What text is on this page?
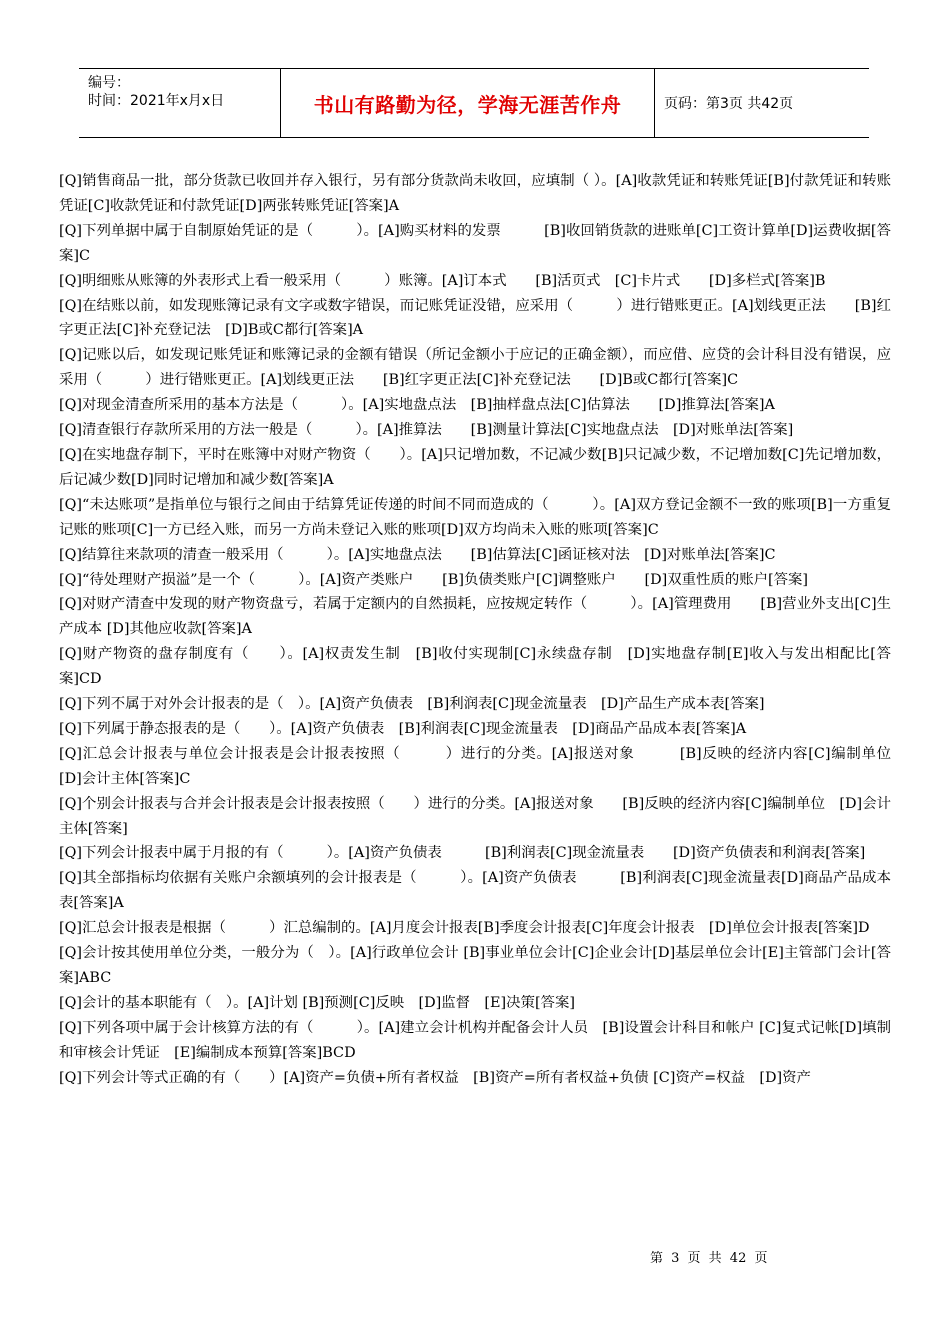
编号：
时间：2021年x月x日	书山有路勤为径，学海无涯苦作舟	页码：第3页 共42页

[Q]销售商品一批，部分货款已收回并存入银行，另有部分货款尚未收回，应填制（ ）。[A]收款凭证和转账凭证[B]付款凭证和转账凭证[C]收款凭证和付款凭证[D]两张转账凭证[答案]A

[Q]下列单据中属于自制原始凭证的是（　　　）。[A]购买材料的发票　　　[B]收回销货款的进账单[C]工资计算单[D]运费收据[答案]C

[Q]明细账从账簿的外表形式上看一般采用（　　　）账簿。[A]订本式　　[B]活页式　[C]卡片式　　[D]多栏式[答案]B

[Q]在结账以前，如发现账簿记录有文字或数字错误，而记账凭证没错，应采用（　　　）进行错账更正。[A]划线更正法　　[B]红字更正法[C]补充登记法　[D]B或C都行[答案]A

[Q]记账以后，如发现记账凭证和账簿记录的金额有错误（所记金额小于应记的正确金额），而应借、应贷的会计科目没有错误，应采用（　　　）进行错账更正。[A]划线更正法　　[B]红字更正法[C]补充登记法　　[D]B或C都行[答案]C

[Q]对现金清查所采用的基本方法是（　　　）。[A]实地盘点法　[B]抽样盘点法[C]估算法　　[D]推算法[答案]A

[Q]清查银行存款所采用的方法一般是（　　　）。[A]推算法　　[B]测量计算法[C]实地盘点法　[D]对账单法[答案]

[Q]在实地盘存制下，平时在账簿中对财产物资（　　）。[A]只记增加数，不记减少数[B]只记减少数，不记增加数[C]先记增加数，后记减少数[D]同时记增加和减少数[答案]A

[Q]“未达账项”是指单位与银行之间由于结算凭证传递的时间不同而造成的（　　　）。[A]双方登记金额不一致的账项[B]一方重复记账的账项[C]一方已经入账，而另一方尚未登记入账的账项[D]双方均尚未入账的账项[答案]C

[Q]结算往来款项的清查一般采用（　　　）。[A]实地盘点法　　[B]估算法[C]函证核对法　[D]对账单法[答案]C

[Q]“待处理财产损溢”是一个（　　　）。[A]资产类账户　　[B]负债类账户[C]调整账户　　[D]双重性质的账户[答案]

[Q]对财产清查中发现的财产物资盘亏，若属于定额内的自然损耗，应按规定转作（　　　）。[A]管理费用　　[B]营业外支出[C]生产成本 [D]其他应收款[答案]A

[Q]财产物资的盘存制度有（　　）。[A]权责发生制　[B]收付实现制[C]永续盘存制　[D]实地盘存制[E]收入与发出相配比[答案]CD

[Q]下列不属于对外会计报表的是（　）。[A]资产负债表　[B]利润表[C]现金流量表　[D]产品生产成本表[答案]

[Q]下列属于静态报表的是（　　）。[A]资产负债表　[B]利润表[C]现金流量表　[D]商品产品成本表[答案]A

[Q]汇总会计报表与单位会计报表是会计报表按照（　　　）进行的分类。[A]报送对象　　　[B]反映的经济内容[C]编制单位　　[D]会计主体[答案]C

[Q]个别会计报表与合并会计报表是会计报表按照（　　）进行的分类。[A]报送对象　　[B]反映的经济内容[C]编制单位　[D]会计主体[答案]

[Q]下列会计报表中属于月报的有（　　　）。[A]资产负债表　　　[B]利润表[C]现金流量表　　[D]资产负债表和利润表[答案]

[Q]其全部指标均依据有关账户余额填列的会计报表是（　　　）。[A]资产负债表　　　[B]利润表[C]现金流量表[D]商品产品成本表[答案]A

[Q]汇总会计报表是根据（　　　）汇总编制的。[A]月度会计报表[B]季度会计报表[C]年度会计报表　[D]单位会计报表[答案]D

[Q]会计按其使用单位分类，一般分为（　）。[A]行政单位会计 [B]事业单位会计[C]企业会计[D]基层单位会计[E]主管部门会计[答案]ABC

[Q]会计的基本职能有（　）。[A]计划 [B]预测[C]反映　[D]监督　[E]决策[答案]

[Q]下列各项中属于会计核算方法的有（　　　）。[A]建立会计机构并配备会计人员　[B]设置会计科目和帐户 [C]复式记帐[D]填制和审核会计凭证　[E]编制成本预算[答案]BCD

[Q]下列会计等式正确的有（　　）[A]资产=负债+所有者权益　[B]资产=所有者权益+负债 [C]资产=权益　[D]资产

第 3 页 共 42 页
